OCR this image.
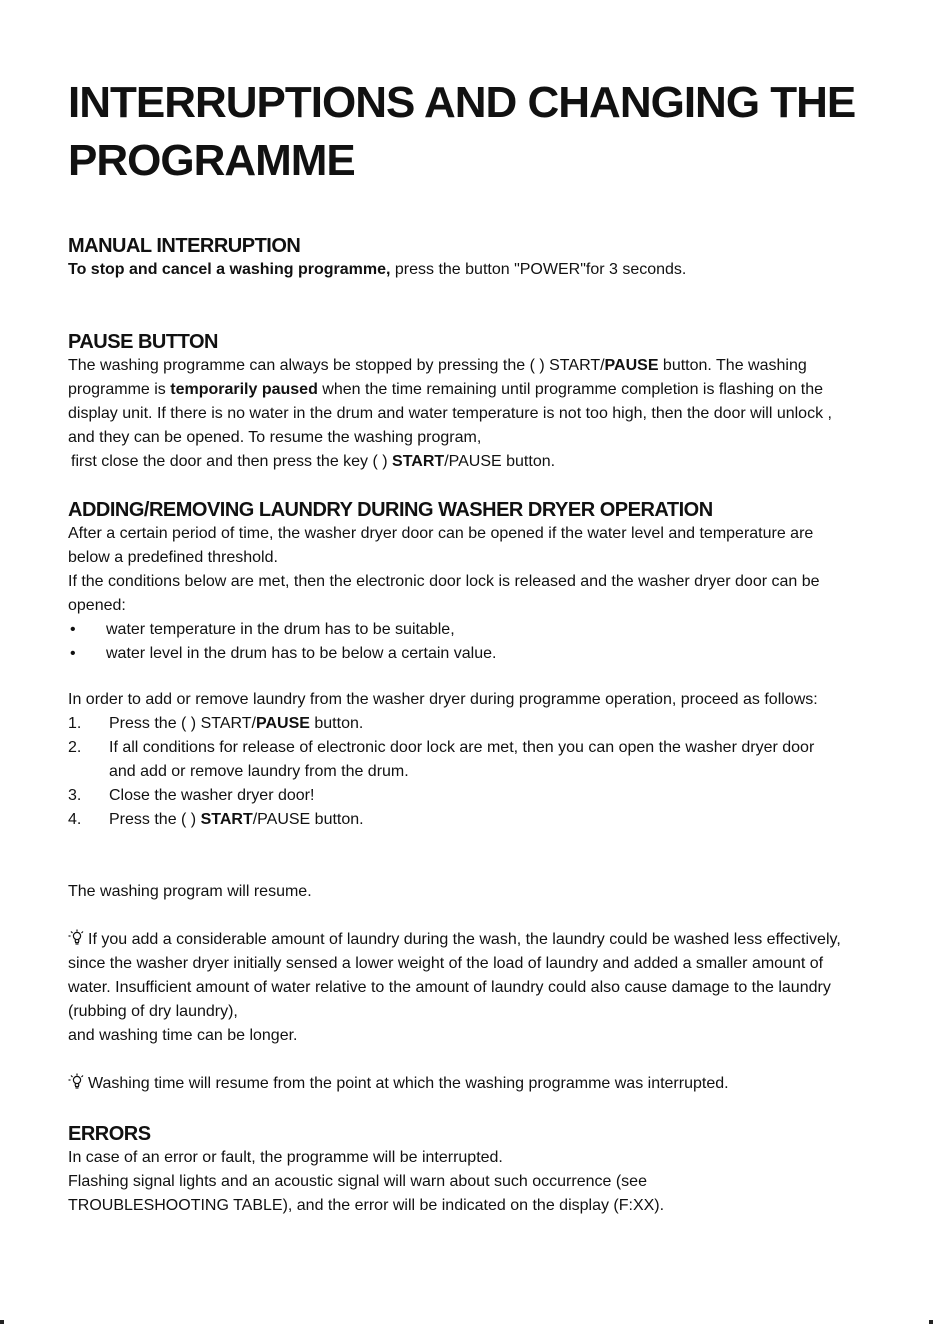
INTERRUPTIONS AND CHANGING THE PROGRAMME
MANUAL INTERRUPTION

To stop and cancel a washing programme, press the button "POWER"for 3 seconds.

PAUSE BUTTON

The washing programme can always be stopped by pressing the ( ) START/PAUSE button. The washing programme is temporarily paused when the time remaining until programme completion is flashing on the display unit. If there is no water in the drum and water temperature is not too high, then the door will unlock , and they can be opened. To resume the washing program,

first close the door and then press the key ( ) START/PAUSE button.

ADDING/REMOVING LAUNDRY DURING WASHER DRYER OPERATION

After a certain period of time, the washer dryer door can be opened if the water level and temperature are below a predefined threshold.

If the conditions below are met, then the electronic door lock is released and the washer dryer door can be opened:

•	water temperature in the drum has to be suitable,
•	water level in the drum has to be below a certain value.

In order to add or remove laundry from the washer dryer during programme operation, proceed as follows:

1.	Press the ( ) START/PAUSE button.
2.	If all conditions for release of electronic door lock are met, then you can open the washer dryer door and add or remove laundry from the drum.
3.	Close the washer dryer door!
4.	Press the ( ) START/PAUSE button.

The washing program will resume.

If you add a considerable amount of laundry during the wash, the laundry could be washed less effectively, since the washer dryer initially sensed a lower weight of the load of laundry and added a smaller amount of water. Insufficient amount of water relative to the amount of laundry could also cause damage to the laundry (rubbing of dry laundry),

and washing time can be longer.

Washing time will resume from the point at which the washing programme was interrupted.

ERRORS

In case of an error or fault, the programme will be interrupted.

Flashing signal lights and an acoustic signal will warn about such occurrence (see TROUBLESHOOTING TABLE), and the error will be indicated on the display (F:XX).
